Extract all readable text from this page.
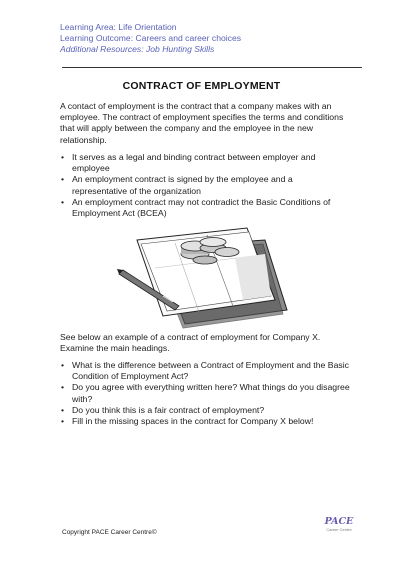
Learning Area: Life Orientation
Learning Outcome: Careers and career choices
Additional Resources: Job Hunting Skills
CONTRACT OF EMPLOYMENT
A contact of employment is the contract that a company makes with an employee. The contract of employment specifies the terms and conditions that will apply between the company and the employee in the new relationship.
• It serves as a legal and binding contract between employer and employee
• An employment contract is signed by the employee and a representative of the organization
• An employment contract may not contradict the Basic Conditions of Employment Act (BCEA)
See below an example of a contract of employment for Company X. Examine the main headings.
• What is the difference between a Contract of Employment and the Basic Condition of Employment Act?
• Do you agree with everything written here? What things do you disagree with?
• Do you think this is a fair contract of employment?
• Fill in the missing spaces in the contract for Company X below!
Copyright PACE Career Centre©
PACE
Career Centre
